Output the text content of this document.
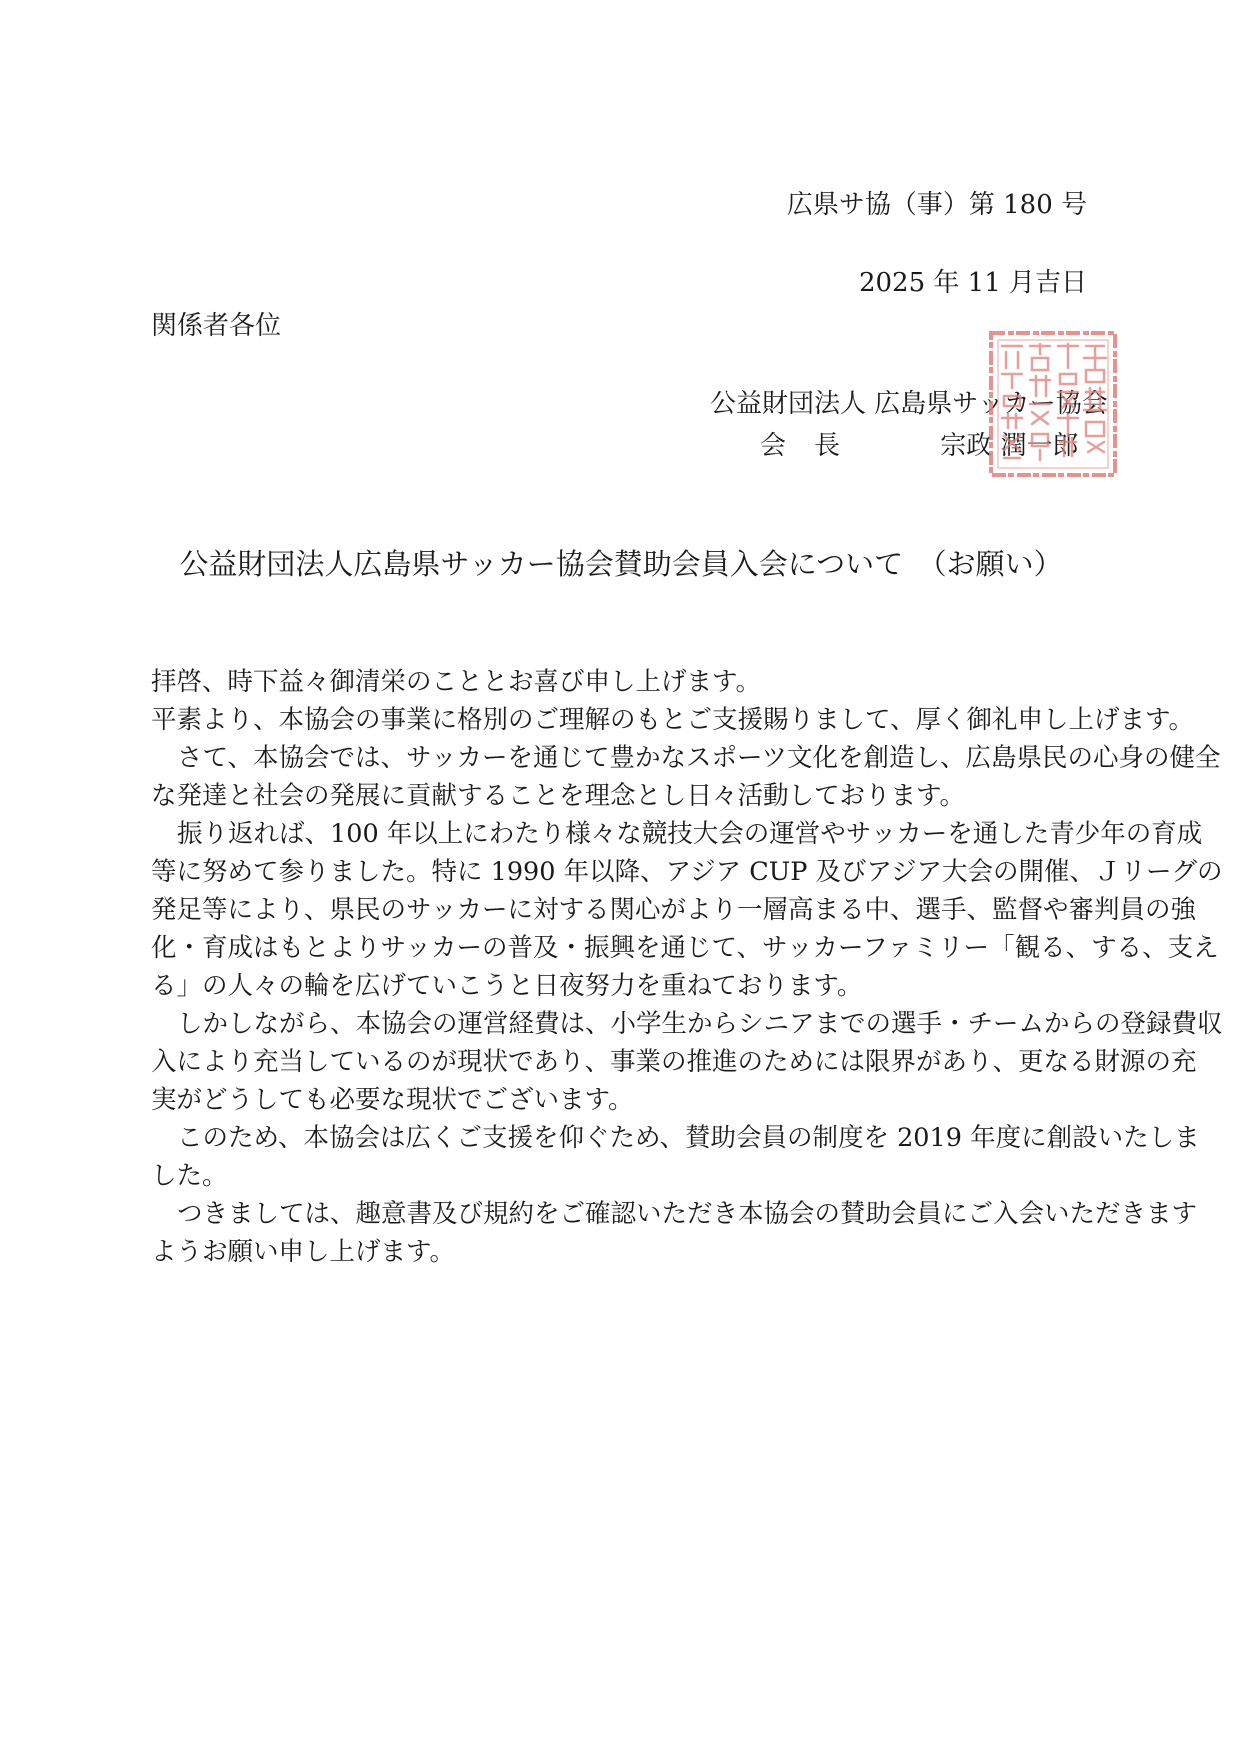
広県サ協（事）第 180 号
2025 年 11 月吉日
関係者各位
公益財団法人 広島県サッカー協会
会長	宗政 潤一郎
公益財団法人広島県サッカー協会賛助会員入会について　（お願い）

拝啓、時下益々御清栄のこととお喜び申し上げます。

平素より、本協会の事業に格別のご理解のもとご支援賜りまして、厚く御礼申し上げます。

さて、本協会では、サッカーを通じて豊かなスポーツ文化を創造し、広島県民の心身の健全

な発達と社会の発展に貢献することを理念とし日々活動しております。

振り返れば、100 年以上にわたり様々な競技大会の運営やサッカーを通した青少年の育成

等に努めて参りました。特に 1990 年以降、アジア CUP 及びアジア大会の開催、Ｊリーグの

発足等により、県民のサッカーに対する関心がより一層高まる中、選手、監督や審判員の強

化・育成はもとよりサッカーの普及・振興を通じて、サッカーファミリー「観る、する、支え

る」の人々の輪を広げていこうと日夜努力を重ねております。

しかしながら、本協会の運営経費は、小学生からシニアまでの選手・チームからの登録費収

入により充当しているのが現状であり、事業の推進のためには限界があり、更なる財源の充

実がどうしても必要な現状でございます。

このため、本協会は広くご支援を仰ぐため、賛助会員の制度を 2019 年度に創設いたしま

した。

つきましては、趣意書及び規約をご確認いただき本協会の賛助会員にご入会いただきます

ようお願い申し上げます。
